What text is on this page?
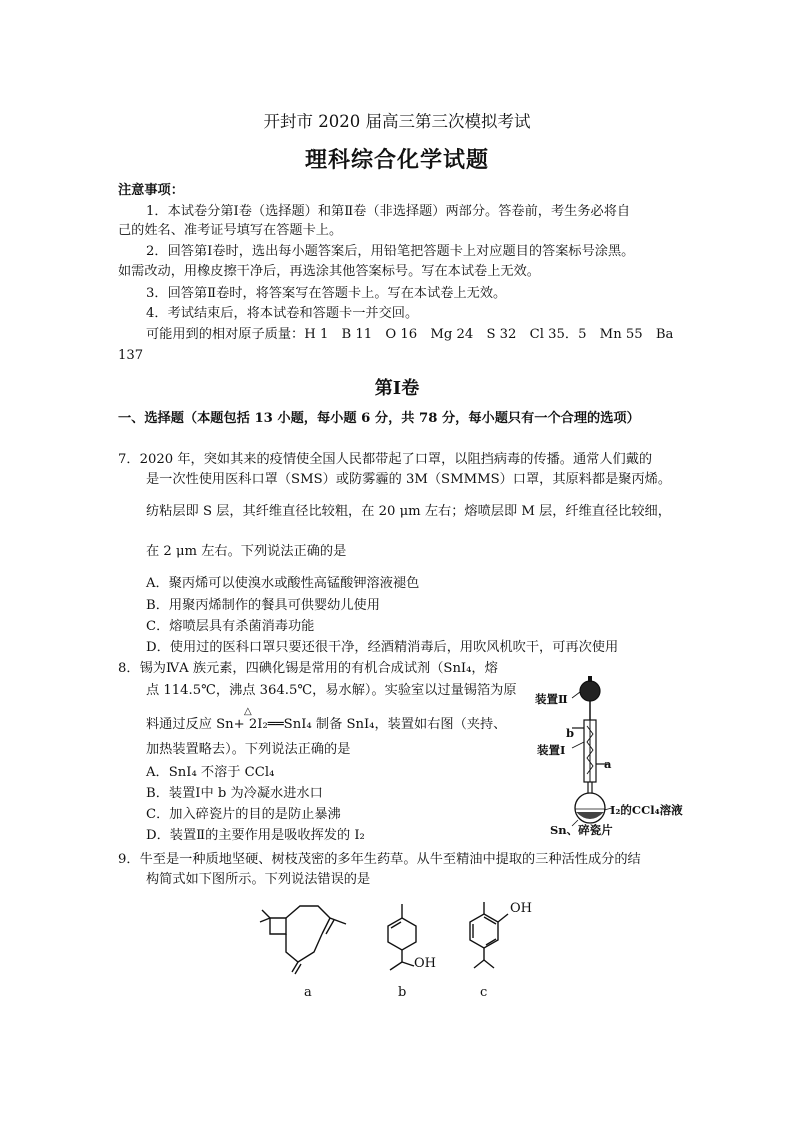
开封市 2020 届高三第三次模拟考试
理科综合化学试题
注意事项：
1．本试卷分第Ⅰ卷（选择题）和第Ⅱ卷（非选择题）两部分。答卷前，考生务必将自
己的姓名、准考证号填写在答题卡上。
2．回答第Ⅰ卷时，选出每小题答案后，用铅笔把答题卡上对应题目的答案标号涂黑。
如需改动，用橡皮擦干净后，再选涂其他答案标号。写在本试卷上无效。
3．回答第Ⅱ卷时，将答案写在答题卡上。写在本试卷上无效。
4．考试结束后，将本试卷和答题卡一并交回。
可能用到的相对原子质量：H 1　B 11　O 16　Mg 24　S 32　Cl 35．5　Mn 55　Ba
137
第Ⅰ卷
一、选择题（本题包括 13 小题，每小题 6 分，共 78 分，每小题只有一个合理的选项）
7．2020 年，突如其来的疫情使全国人民都带起了口罩，以阻挡病毒的传播。通常人们戴的
是一次性使用医科口罩（SMS）或防雾霾的 3M（SMMMS）口罩，其原料都是聚丙烯。
纺粘层即 S 层，其纤维直径比较粗，在 20 μm 左右；熔喷层即 M 层，纤维直径比较细，
在 2 μm 左右。下列说法正确的是
A．聚丙烯可以使溴水或酸性高锰酸钾溶液褪色
B．用聚丙烯制作的餐具可供婴幼儿使用
C．熔喷层具有杀菌消毒功能
D．使用过的医科口罩只要还很干净，经酒精消毒后，用吹风机吹干，可再次使用
8．锡为ⅣA 族元素，四碘化锡是常用的有机合成试剂（SnI₄，熔
点 114.5℃，沸点 364.5℃，易水解）。实验室以过量锡箔为原
△
料通过反应 Sn+ 2I₂══SnI₄ 制备 SnI₄，装置如右图（夹持、
加热装置略去）。下列说法正确的是
A．SnI₄ 不溶于 CCl₄
B．装置Ⅰ中 b 为冷凝水进水口
C．加入碎瓷片的目的是防止暴沸
D．装置Ⅱ的主要作用是吸收挥发的 I₂
装置Ⅱ
b
装置Ⅰ
a
I₂的CCl₄溶液
Sn、碎瓷片
9．牛至是一种质地坚硬、树枝茂密的多年生药草。从牛至精油中提取的三种活性成分的结
构简式如下图所示。下列说法错误的是
OH
OH
a	b	c
